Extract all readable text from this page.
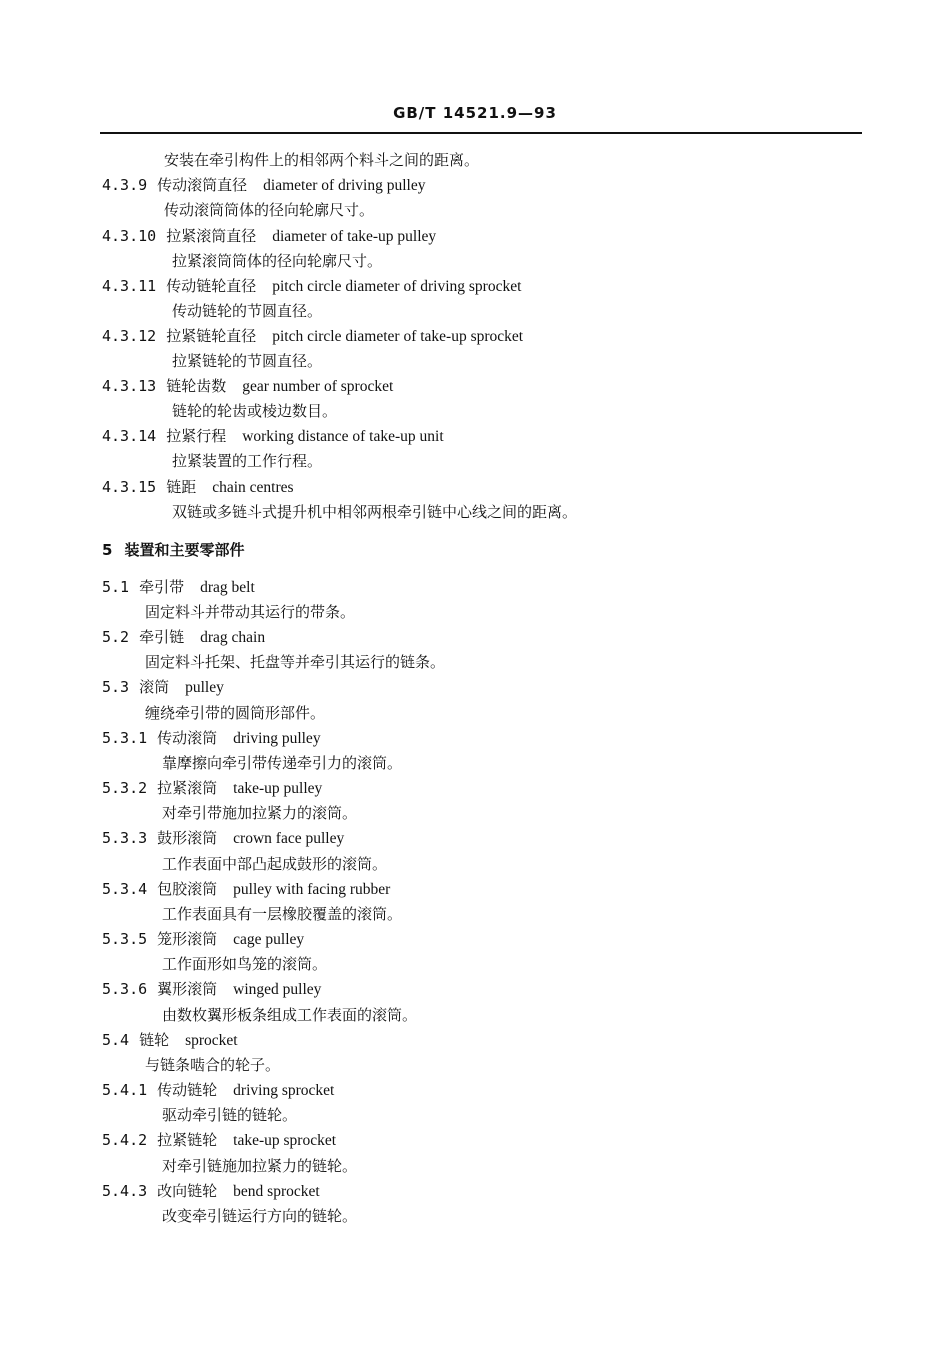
GB/T 14521.9—93
安装在牵引构件上的相邻两个料斗之间的距离。
4.3.9 传动滚筒直径 diameter of driving pulley
传动滚筒筒体的径向轮廓尺寸。
4.3.10 拉紧滚筒直径 diameter of take-up pulley
拉紧滚筒筒体的径向轮廓尺寸。
4.3.11 传动链轮直径 pitch circle diameter of driving sprocket
传动链轮的节圆直径。
4.3.12 拉紧链轮直径 pitch circle diameter of take-up sprocket
拉紧链轮的节圆直径。
4.3.13 链轮齿数 gear number of sprocket
链轮的轮齿或棱边数目。
4.3.14 拉紧行程 working distance of take-up unit
拉紧装置的工作行程。
4.3.15 链距 chain centres
双链或多链斗式提升机中相邻两根牵引链中心线之间的距离。
5 装置和主要零部件
5.1 牵引带 drag belt
固定料斗并带动其运行的带条。
5.2 牵引链 drag chain
固定料斗托架、托盘等并牵引其运行的链条。
5.3 滚筒 pulley
缠绕牵引带的圆筒形部件。
5.3.1 传动滚筒 driving pulley
靠摩擦向牵引带传递牵引力的滚筒。
5.3.2 拉紧滚筒 take-up pulley
对牵引带施加拉紧力的滚筒。
5.3.3 鼓形滚筒 crown face pulley
工作表面中部凸起成鼓形的滚筒。
5.3.4 包胶滚筒 pulley with facing rubber
工作表面具有一层橡胶覆盖的滚筒。
5.3.5 笼形滚筒 cage pulley
工作面形如鸟笼的滚筒。
5.3.6 翼形滚筒 winged pulley
由数枚翼形板条组成工作表面的滚筒。
5.4 链轮 sprocket
与链条啮合的轮子。
5.4.1 传动链轮 driving sprocket
驱动牵引链的链轮。
5.4.2 拉紧链轮 take-up sprocket
对牵引链施加拉紧力的链轮。
5.4.3 改向链轮 bend sprocket
改变牵引链运行方向的链轮。
